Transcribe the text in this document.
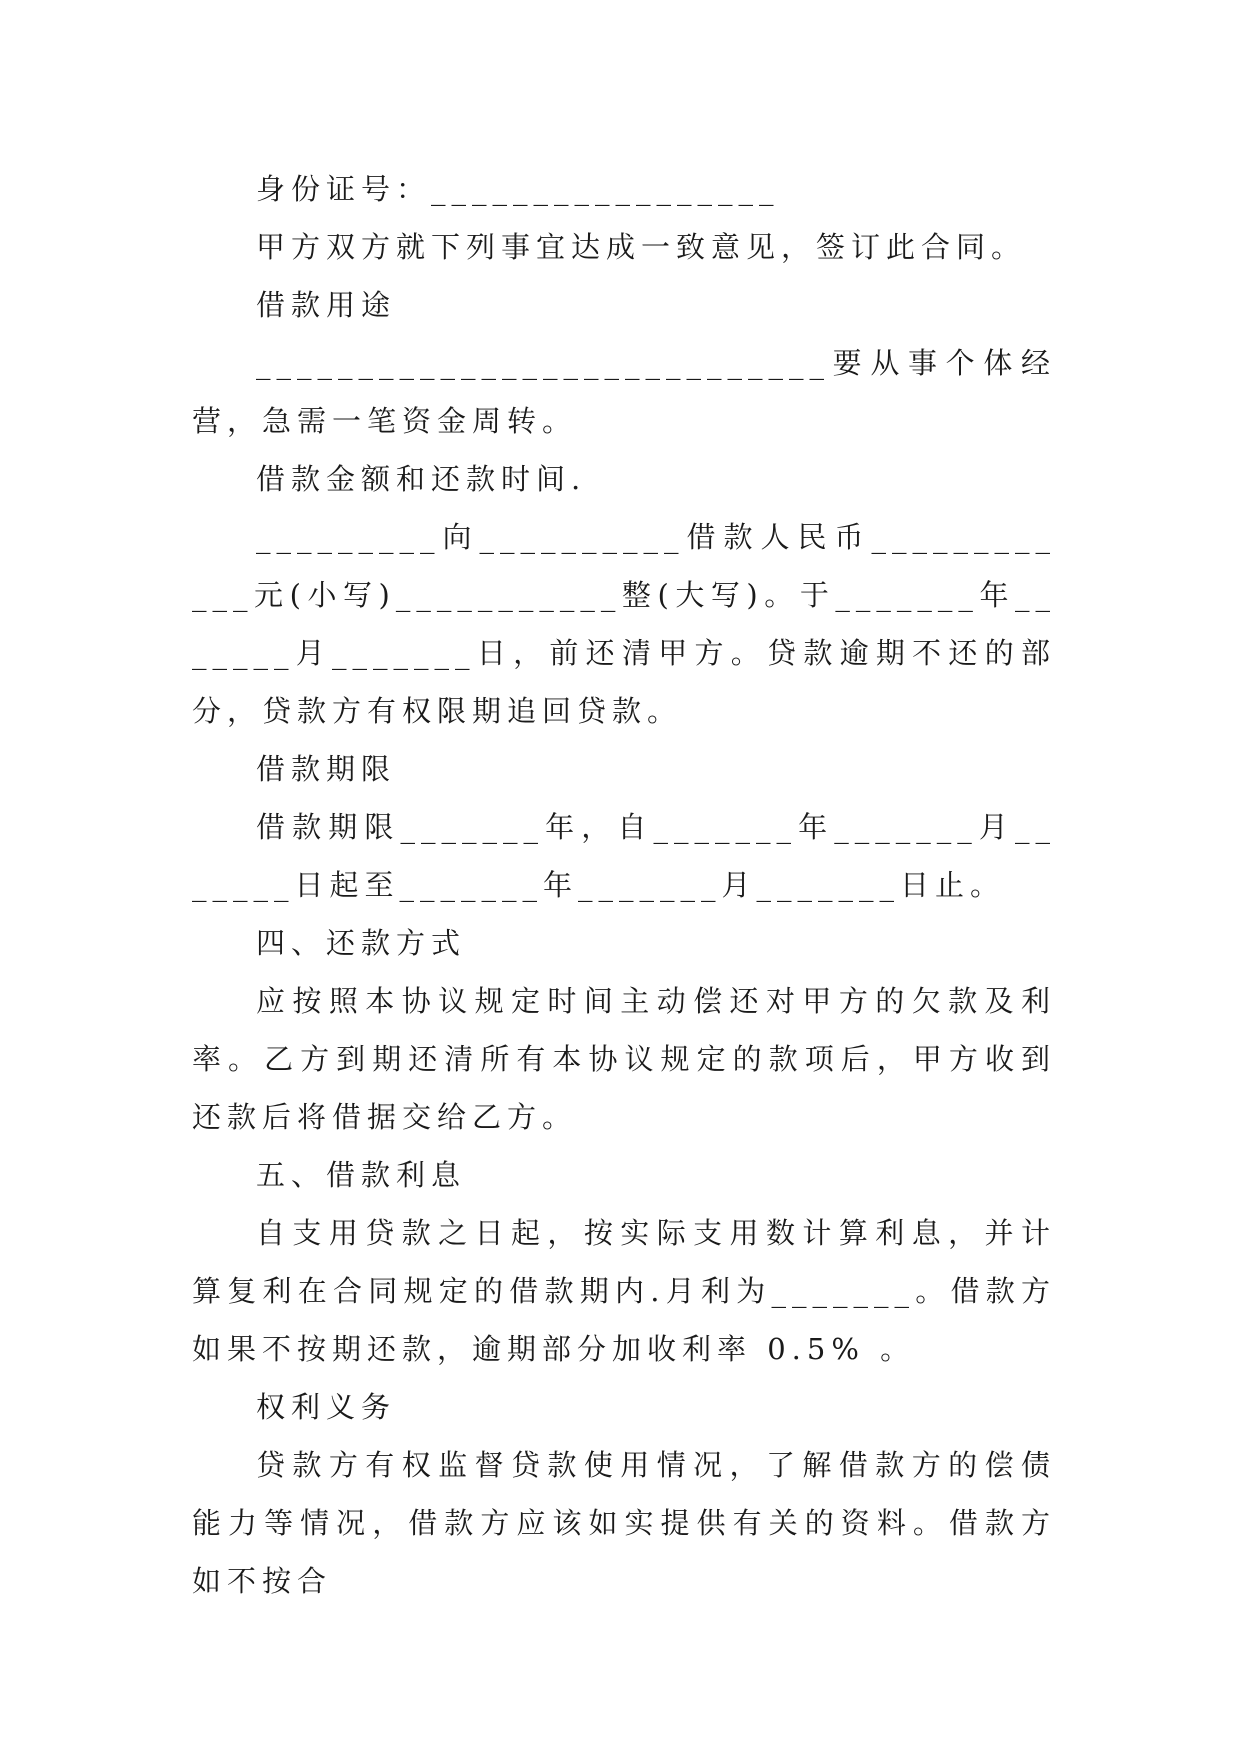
身份证号：_________________

甲方双方就下列事宜达成一致意见，签订此合同。

借款用途

____________________________要从事个体经营，急需一笔资金周转。

借款金额和还款时间.

_________向__________借款人民币____________元(小写)___________整(大写)。于_______年_______月_______日，前还清甲方。贷款逾期不还的部分，贷款方有权限期追回贷款。

借款期限

借款期限_______年，自_______年_______月_______日起至_______年_______月_______日止。

四、还款方式

应按照本协议规定时间主动偿还对甲方的欠款及利率。乙方到期还清所有本协议规定的款项后，甲方收到还款后将借据交给乙方。

五、借款利息

自支用贷款之日起，按实际支用数计算利息，并计算复利在合同规定的借款期内.月利为_______。借款方如果不按期还款，逾期部分加收利率 0.5% 。

权利义务

贷款方有权监督贷款使用情况，了解借款方的偿债能力等情况，借款方应该如实提供有关的资料。借款方如不按合
